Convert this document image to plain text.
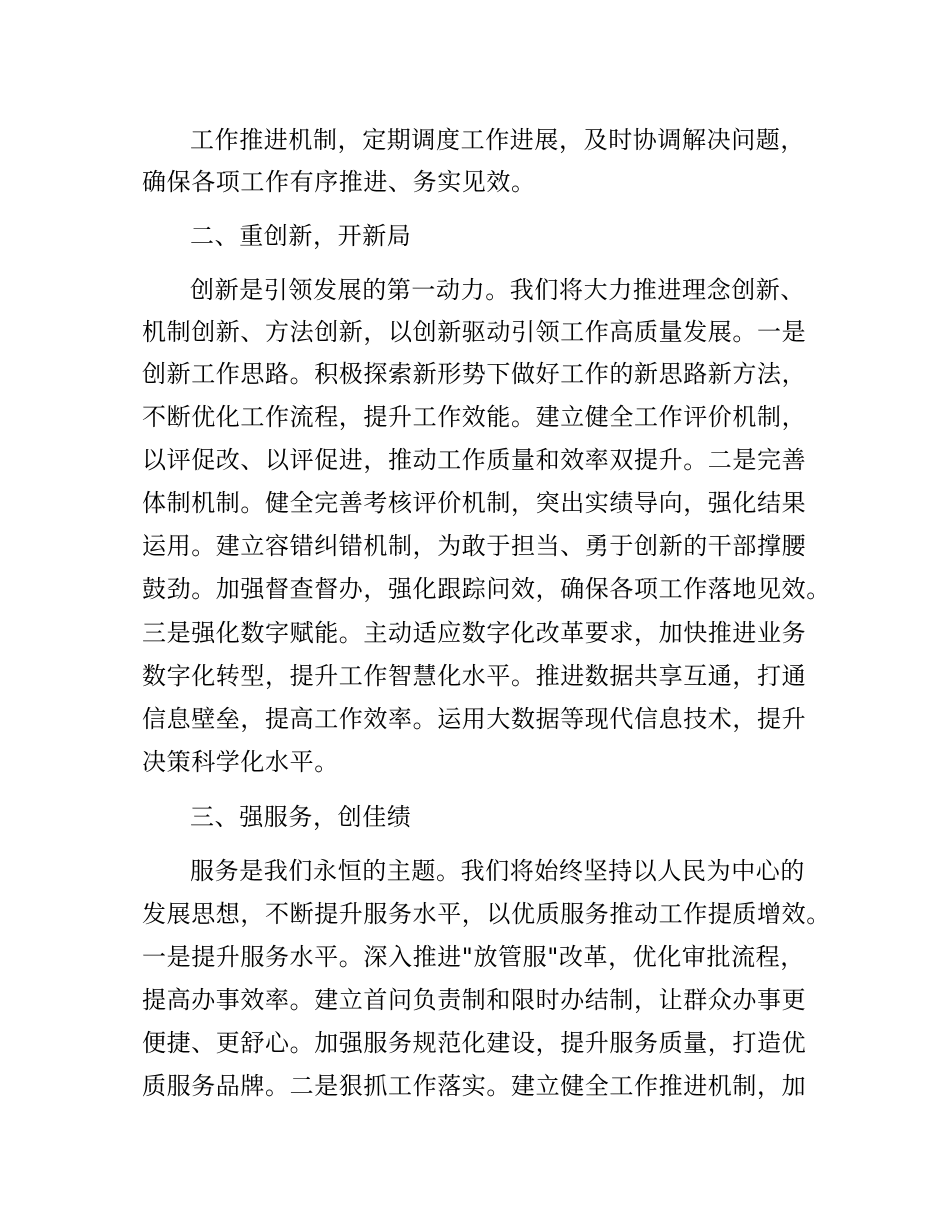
工作推进机制，定期调度工作进展，及时协调解决问题，
确保各项工作有序推进、务实见效。
二、重创新，开新局
创新是引领发展的第一动力。我们将大力推进理念创新、
机制创新、方法创新，以创新驱动引领工作高质量发展。一是
创新工作思路。积极探索新形势下做好工作的新思路新方法，
不断优化工作流程，提升工作效能。建立健全工作评价机制，
以评促改、以评促进，推动工作质量和效率双提升。二是完善
体制机制。健全完善考核评价机制，突出实绩导向，强化结果
运用。建立容错纠错机制，为敢于担当、勇于创新的干部撑腰
鼓劲。加强督查督办，强化跟踪问效，确保各项工作落地见效。
三是强化数字赋能。主动适应数字化改革要求，加快推进业务
数字化转型，提升工作智慧化水平。推进数据共享互通，打通
信息壁垒，提高工作效率。运用大数据等现代信息技术，提升
决策科学化水平。
三、强服务，创佳绩
服务是我们永恒的主题。我们将始终坚持以人民为中心的
发展思想，不断提升服务水平，以优质服务推动工作提质增效。
一是提升服务水平。深入推进"放管服"改革，优化审批流程，
提高办事效率。建立首问负责制和限时办结制，让群众办事更
便捷、更舒心。加强服务规范化建设，提升服务质量，打造优
质服务品牌。二是狠抓工作落实。建立健全工作推进机制，加
